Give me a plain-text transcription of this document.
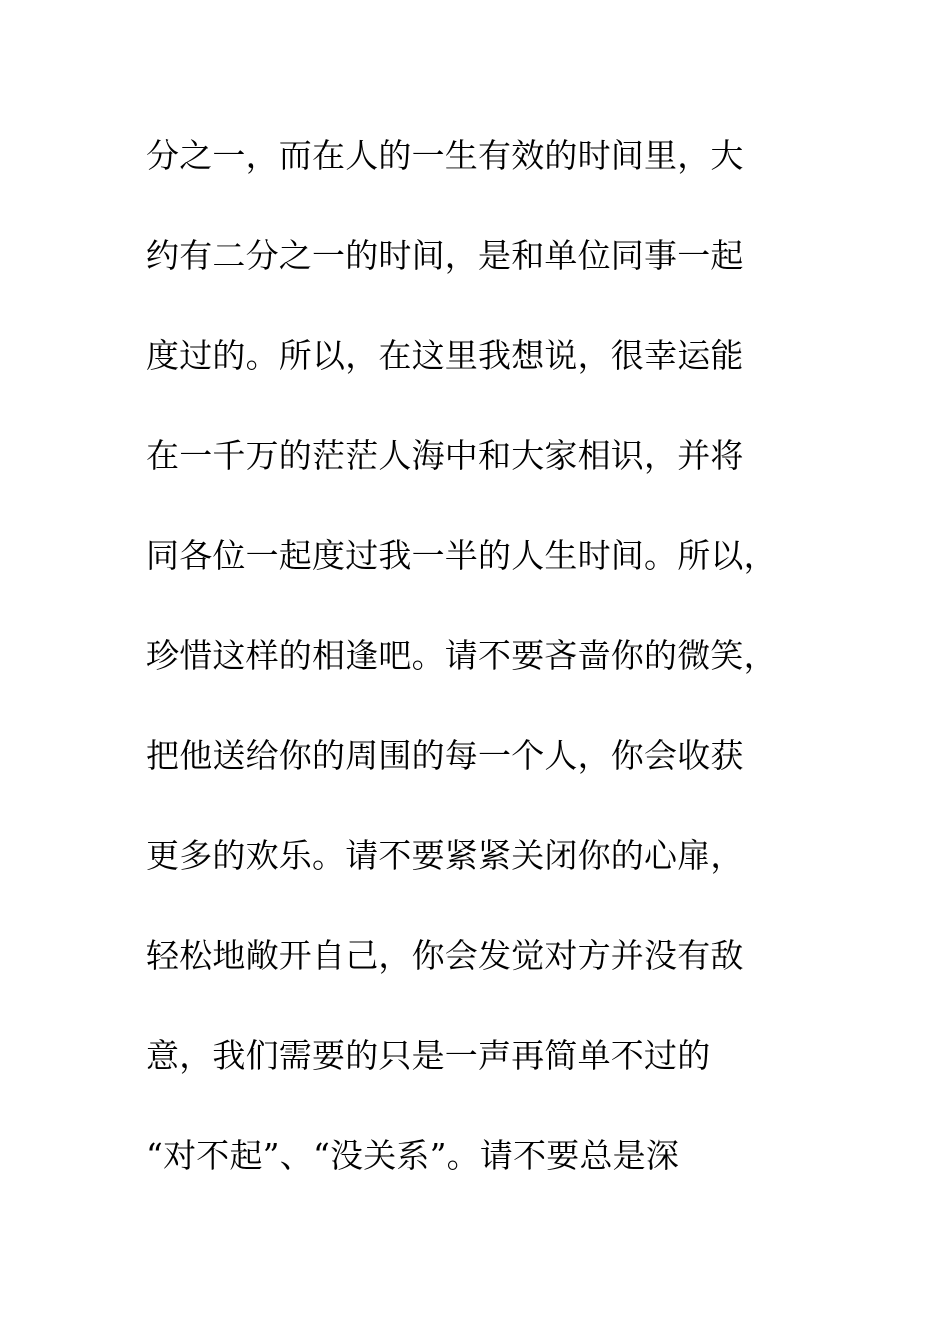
分之一，而在人的一生有效的时间里，大
约有二分之一的时间，是和单位同事一起
度过的。所以，在这里我想说，很幸运能
在一千万的茫茫人海中和大家相识，并将
同各位一起度过我一半的人生时间。所以，
珍惜这样的相逢吧。请不要吝啬你的微笑，
把他送给你的周围的每一个人，你会收获
更多的欢乐。请不要紧紧关闭你的心扉，
轻松地敞开自己，你会发觉对方并没有敌
意，我们需要的只是一声再简单不过的
“对不起”、“没关系”。请不要总是深
